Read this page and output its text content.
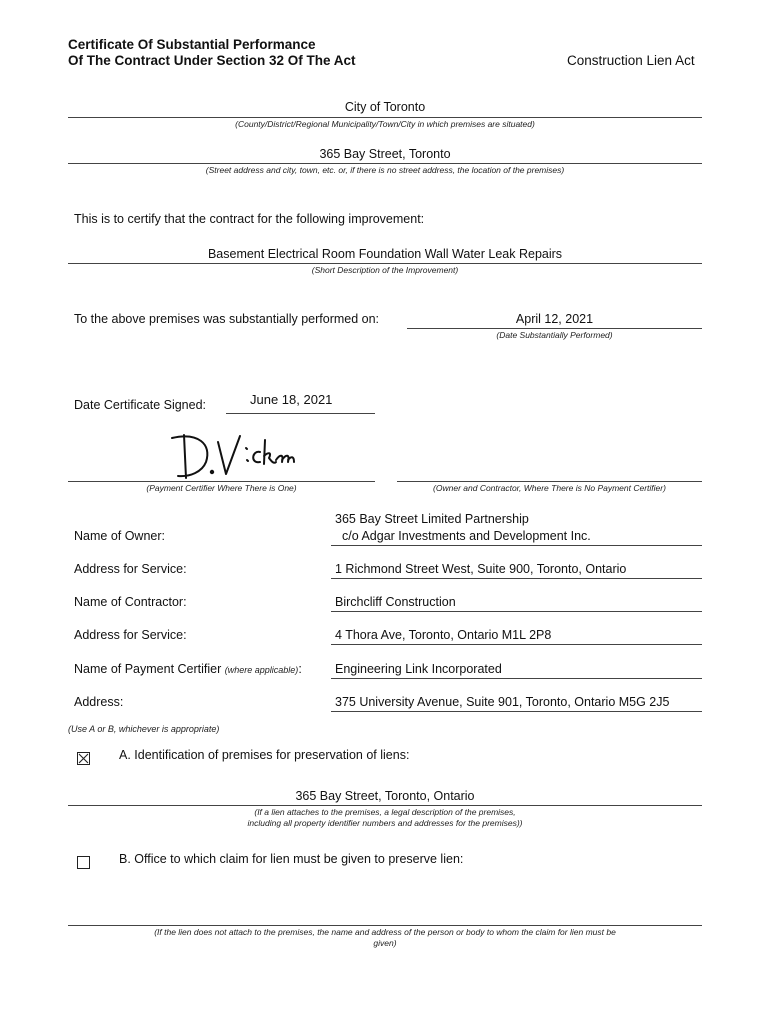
Certificate Of Substantial Performance
Of The Contract Under Section 32 Of The Act	Construction Lien Act
City of Toronto
(County/District/Regional Municipality/Town/City in which premises are situated)
365 Bay Street, Toronto
(Street address and city, town, etc. or, if there is no street address, the location of the premises)
This is to certify that the contract for the following improvement:
Basement Electrical Room Foundation Wall Water Leak Repairs
(Short Description of the Improvement)
To the above premises was substantially performed on:	April 12, 2021
(Date Substantially Performed)
Date Certificate Signed:	June 18, 2021
(Payment Certifier Where There is One)	(Owner and Contractor, Where There is No Payment Certifier)
Name of Owner:
365 Bay Street Limited Partnership
c/o Adgar Investments and Development Inc.
Address for Service:	1 Richmond Street West, Suite 900, Toronto, Ontario
Name of Contractor:	Birchcliff Construction
Address for Service:	4 Thora Ave, Toronto, Ontario M1L 2P8
Name of Payment Certifier (where applicable):	Engineering Link Incorporated
Address:	375 University Avenue, Suite 901, Toronto, Ontario M5G 2J5
(Use A or B, whichever is appropriate)
A. Identification of premises for preservation of liens:
365 Bay Street, Toronto, Ontario
(If a lien attaches to the premises, a legal description of the premises,
including all property identifier numbers and addresses for the premises))
B. Office to which claim for lien must be given to preserve lien:
(If the lien does not attach to the premises, the name and address of the person or body to whom the claim for lien must be
given)
